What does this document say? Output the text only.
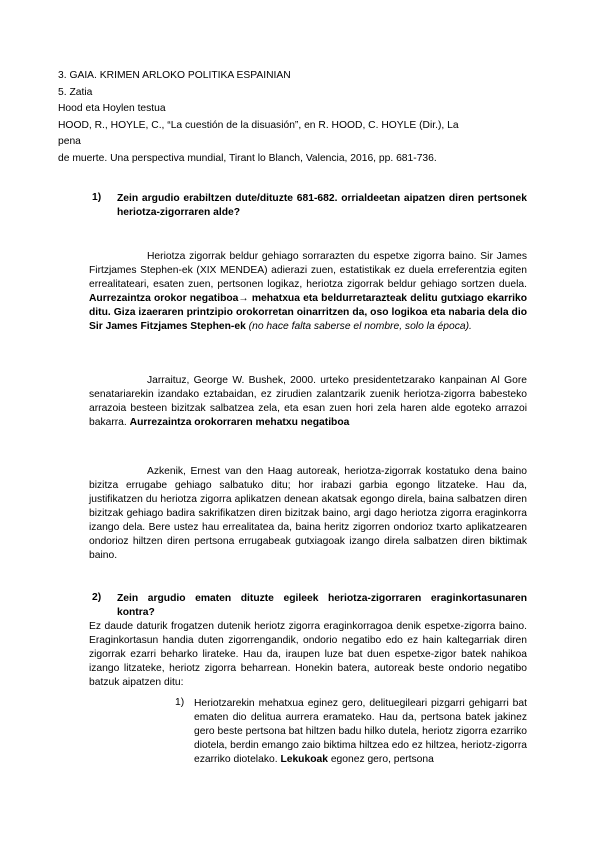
3. GAIA. KRIMEN ARLOKO POLITIKA ESPAINIAN
5. Zatia
Hood eta Hoylen testua
HOOD, R., HOYLE, C., “La cuestión de la disuasión”, en R. HOOD, C. HOYLE (Dir.), La
pena
de muerte. Una perspectiva mundial, Tirant lo Blanch, Valencia, 2016, pp. 681-736.
1) Zein argudio erabiltzen dute/dituzte 681-682. orrialdeetan aipatzen diren pertsonek heriotza-zigorraren alde?
Heriotza zigorrak beldur gehiago sorrarazten du espetxe zigorra baino. Sir James Firtzjames Stephen-ek (XIX MENDEA) adierazi zuen, estatistikak ez duela erreferentzia egiten errealitateari, esaten zuen, pertsonen logikaz, heriotza zigorrak beldur gehiago sortzen duela. Aurrezaintza orokor negatiboa→ mehatxua eta beldurretaraztea​k delitu gutxiago ekarriko ditu. Giza izaeraren printzipio orokorretan oinarritzen da, oso logikoa eta nabaria dela dio Sir James Fitzjames Stephen-ek (no hace falta saberse el nombre, solo la época).
Jarraituz, George W. Bushek, 2000. urteko presidentetzarako kanpainan Al Gore senatariarekin izandako eztabaidan, ez zirudien zalantzarik zuenik heriotza-zigorra babesteko arrazoia besteen bizitzak salbatzea zela, eta esan zuen hori zela haren alde egoteko arrazoi bakarra. Aurrezaintza orokorraren mehatxu negatiboa
Azkenik, Ernest van den Haag autoreak, heriotza-zigorrak kostatuko dena baino bizitza errugabe gehiago salbatuko ditu; hor irabazi garbia egongo litzateke. Hau da, justifikatzen du heriotza zigorra aplikatzen denean akatsak egongo direla, baina salbatzen diren bizitzak gehiago badira sakrifikatzen diren bizitzak baino, argi dago heriotza zigorra eraginkorra izango dela. Bere ustez hau errealitatea da, baina heritz zigorren ondorioz txarto aplikatzearen ondorioz hiltzen diren pertsona errugabeak gutxiagoak izango direla salbatzen diren biktimak baino.
2) Zein argudio ematen dituzte egileek heriotza-zigorraren eraginkortasunaren kontra?
Ez daude daturik frogatzen dutenik heriotz zigorra eraginkorragoa denik espetxe-zigorra baino. Eraginkortasun handia duten zigorrengandik, ondorio negatibo edo ez hain kaltegarriak diren zigorrak ezarri beharko lirateke. Hau da, iraupen luze bat duen espetxe-zigor batek nahikoa izango litzateke, heriotz zigorra beharrean. Honekin batera, autoreak beste ondorio negatibo batzuk aipatzen ditu:
1) Heriotzarekin mehatxua eginez gero, delituegileari pizgarri gehigarri bat ematen dio delitua aurrera eramateko. Hau da, pertsona batek jakinez gero beste pertsona bat hiltzen badu hilko dutela, heriotz zigorra ezarriko diotela, berdin emango zaio biktima hiltzea edo ez hiltzea, heriotz-zigorra ezarriko diotelako. Lekukoak egonez gero, pertsona
